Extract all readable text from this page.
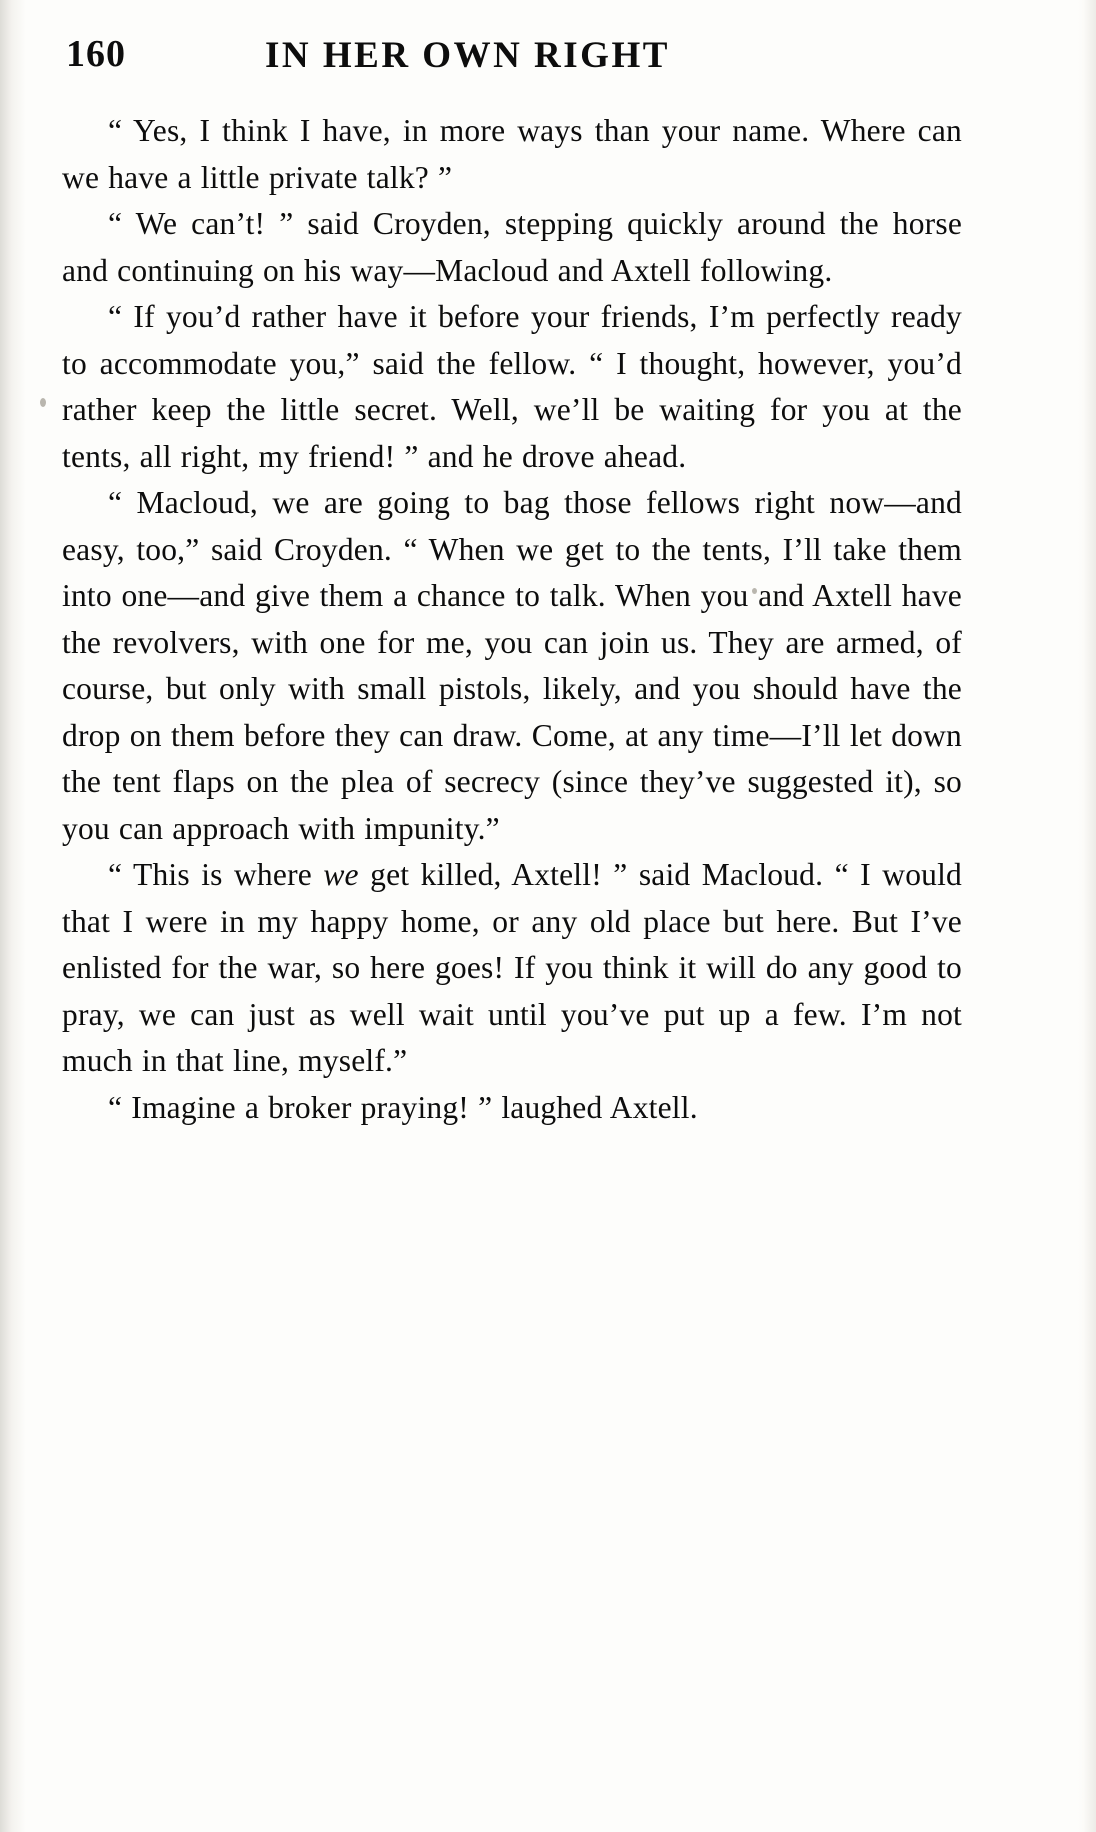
160	IN HER OWN RIGHT

“ Yes, I think I have, in more ways than your name. Where can we have a little private talk? ”

“ We can’t! ” said Croyden, stepping quickly around the horse and continuing on his way—Macloud and Axtell following.

“ If you’d rather have it before your friends, I’m perfectly ready to accommodate you,” said the fellow. “ I thought, however, you’d rather keep the little secret. Well, we’ll be waiting for you at the tents, all right, my friend! ” and he drove ahead.

“ Macloud, we are going to bag those fellows right now—and easy, too,” said Croyden. “ When we get to the tents, I’ll take them into one—and give them a chance to talk. When you and Axtell have the revolvers, with one for me, you can join us. They are armed, of course, but only with small pistols, likely, and you should have the drop on them before they can draw. Come, at any time—I’ll let down the tent flaps on the plea of secrecy (since they’ve suggested it), so you can approach with impunity.”

“ This is where we get killed, Axtell! ” said Macloud. “ I would that I were in my happy home, or any old place but here. But I’ve enlisted for the war, so here goes! If you think it will do any good to pray, we can just as well wait until you’ve put up a few. I’m not much in that line, myself.”

“ Imagine a broker praying! ” laughed Axtell.
